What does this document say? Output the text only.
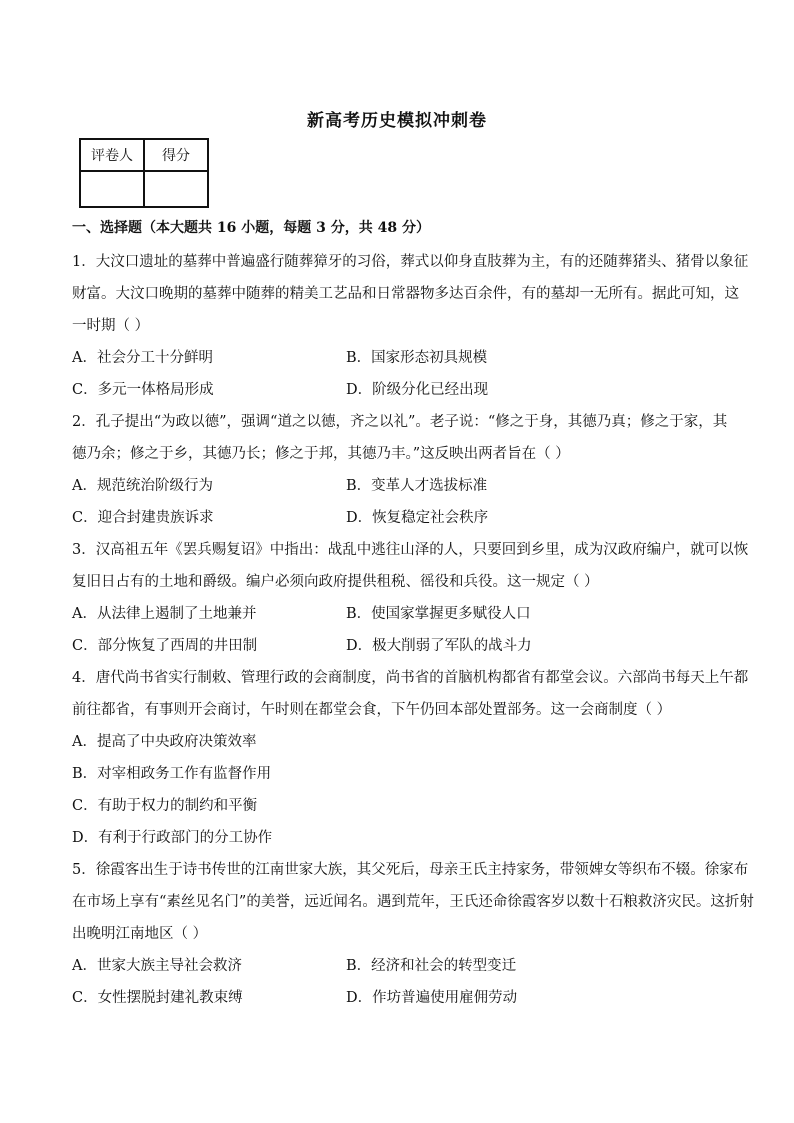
新高考历史模拟冲刺卷
评卷人	得分

一、选择题（本大题共 16 小题，每题 3 分，共 48 分）
1．大汶口遗址的墓葬中普遍盛行随葬獐牙的习俗，葬式以仰身直肢葬为主，有的还随葬猪头、猪骨以象征
财富。大汶口晚期的墓葬中随葬的精美工艺品和日常器物多达百余件，有的墓却一无所有。据此可知，这
一时期（ ）
A．社会分工十分鲜明	B．国家形态初具规模
C．多元一体格局形成	D．阶级分化已经出现
2．孔子提出“为政以德”，强调“道之以德，齐之以礼”。老子说：“修之于身，其德乃真；修之于家，其
德乃余；修之于乡，其德乃长；修之于邦，其德乃丰。”这反映出两者旨在（ ）
A．规范统治阶级行为	B．变革人才选拔标准
C．迎合封建贵族诉求	D．恢复稳定社会秩序
3．汉高祖五年《罢兵赐复诏》中指出：战乱中逃往山泽的人，只要回到乡里，成为汉政府编户，就可以恢
复旧日占有的土地和爵级。编户必须向政府提供租税、徭役和兵役。这一规定（ ）
A．从法律上遏制了土地兼并	B．使国家掌握更多赋役人口
C．部分恢复了西周的井田制	D．极大削弱了军队的战斗力
4．唐代尚书省实行制敕、管理行政的会商制度，尚书省的首脑机构都省有都堂会议。六部尚书每天上午都
前往都省，有事则开会商讨，午时则在都堂会食，下午仍回本部处置部务。这一会商制度（ ）
A．提高了中央政府决策效率
B．对宰相政务工作有监督作用
C．有助于权力的制约和平衡
D．有利于行政部门的分工协作
5．徐霞客出生于诗书传世的江南世家大族，其父死后，母亲王氏主持家务，带领婢女等织布不辍。徐家布
在市场上享有“素丝见名门”的美誉，远近闻名。遇到荒年，王氏还命徐霞客岁以数十石粮救济灾民。这折射
出晚明江南地区（ ）
A．世家大族主导社会救济	B．经济和社会的转型变迁
C．女性摆脱封建礼教束缚	D．作坊普遍使用雇佣劳动
